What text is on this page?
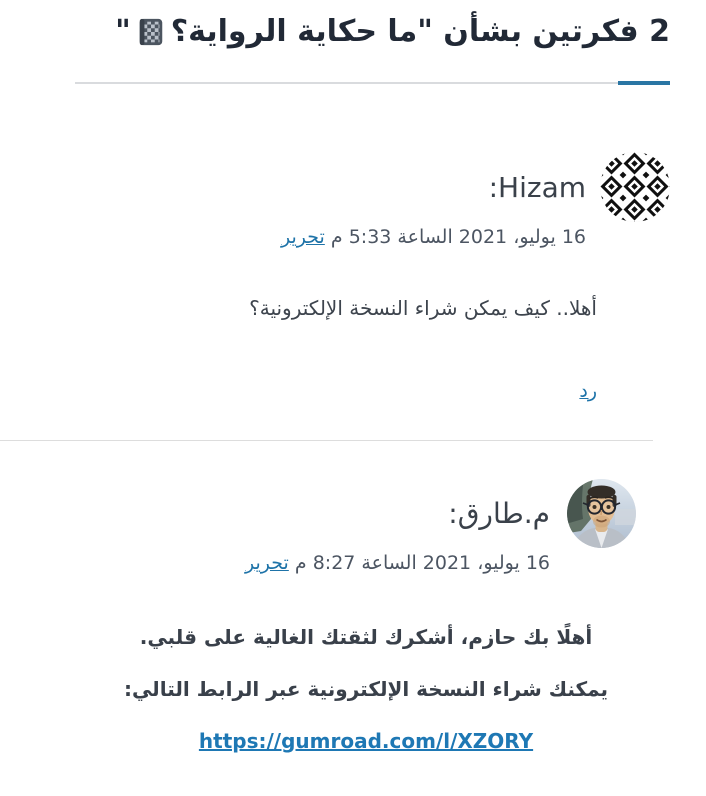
2 فكرتين بشأن "ما حكاية الرواية؟"
Hizam:
16 يوليو، 2021 الساعة 5:33 م تحرير
أهلا.. كيف يمكن شراء النسخة الإلكترونية؟
رد
م.طارق:
16 يوليو، 2021 الساعة 8:27 م تحرير

أهلًا بك حازم، أشكرك لثقتك الغالية على قلبي.

يمكنك شراء النسخة الإلكترونية عبر الرابط التالي:

https://gumroad.com/l/XZORY
